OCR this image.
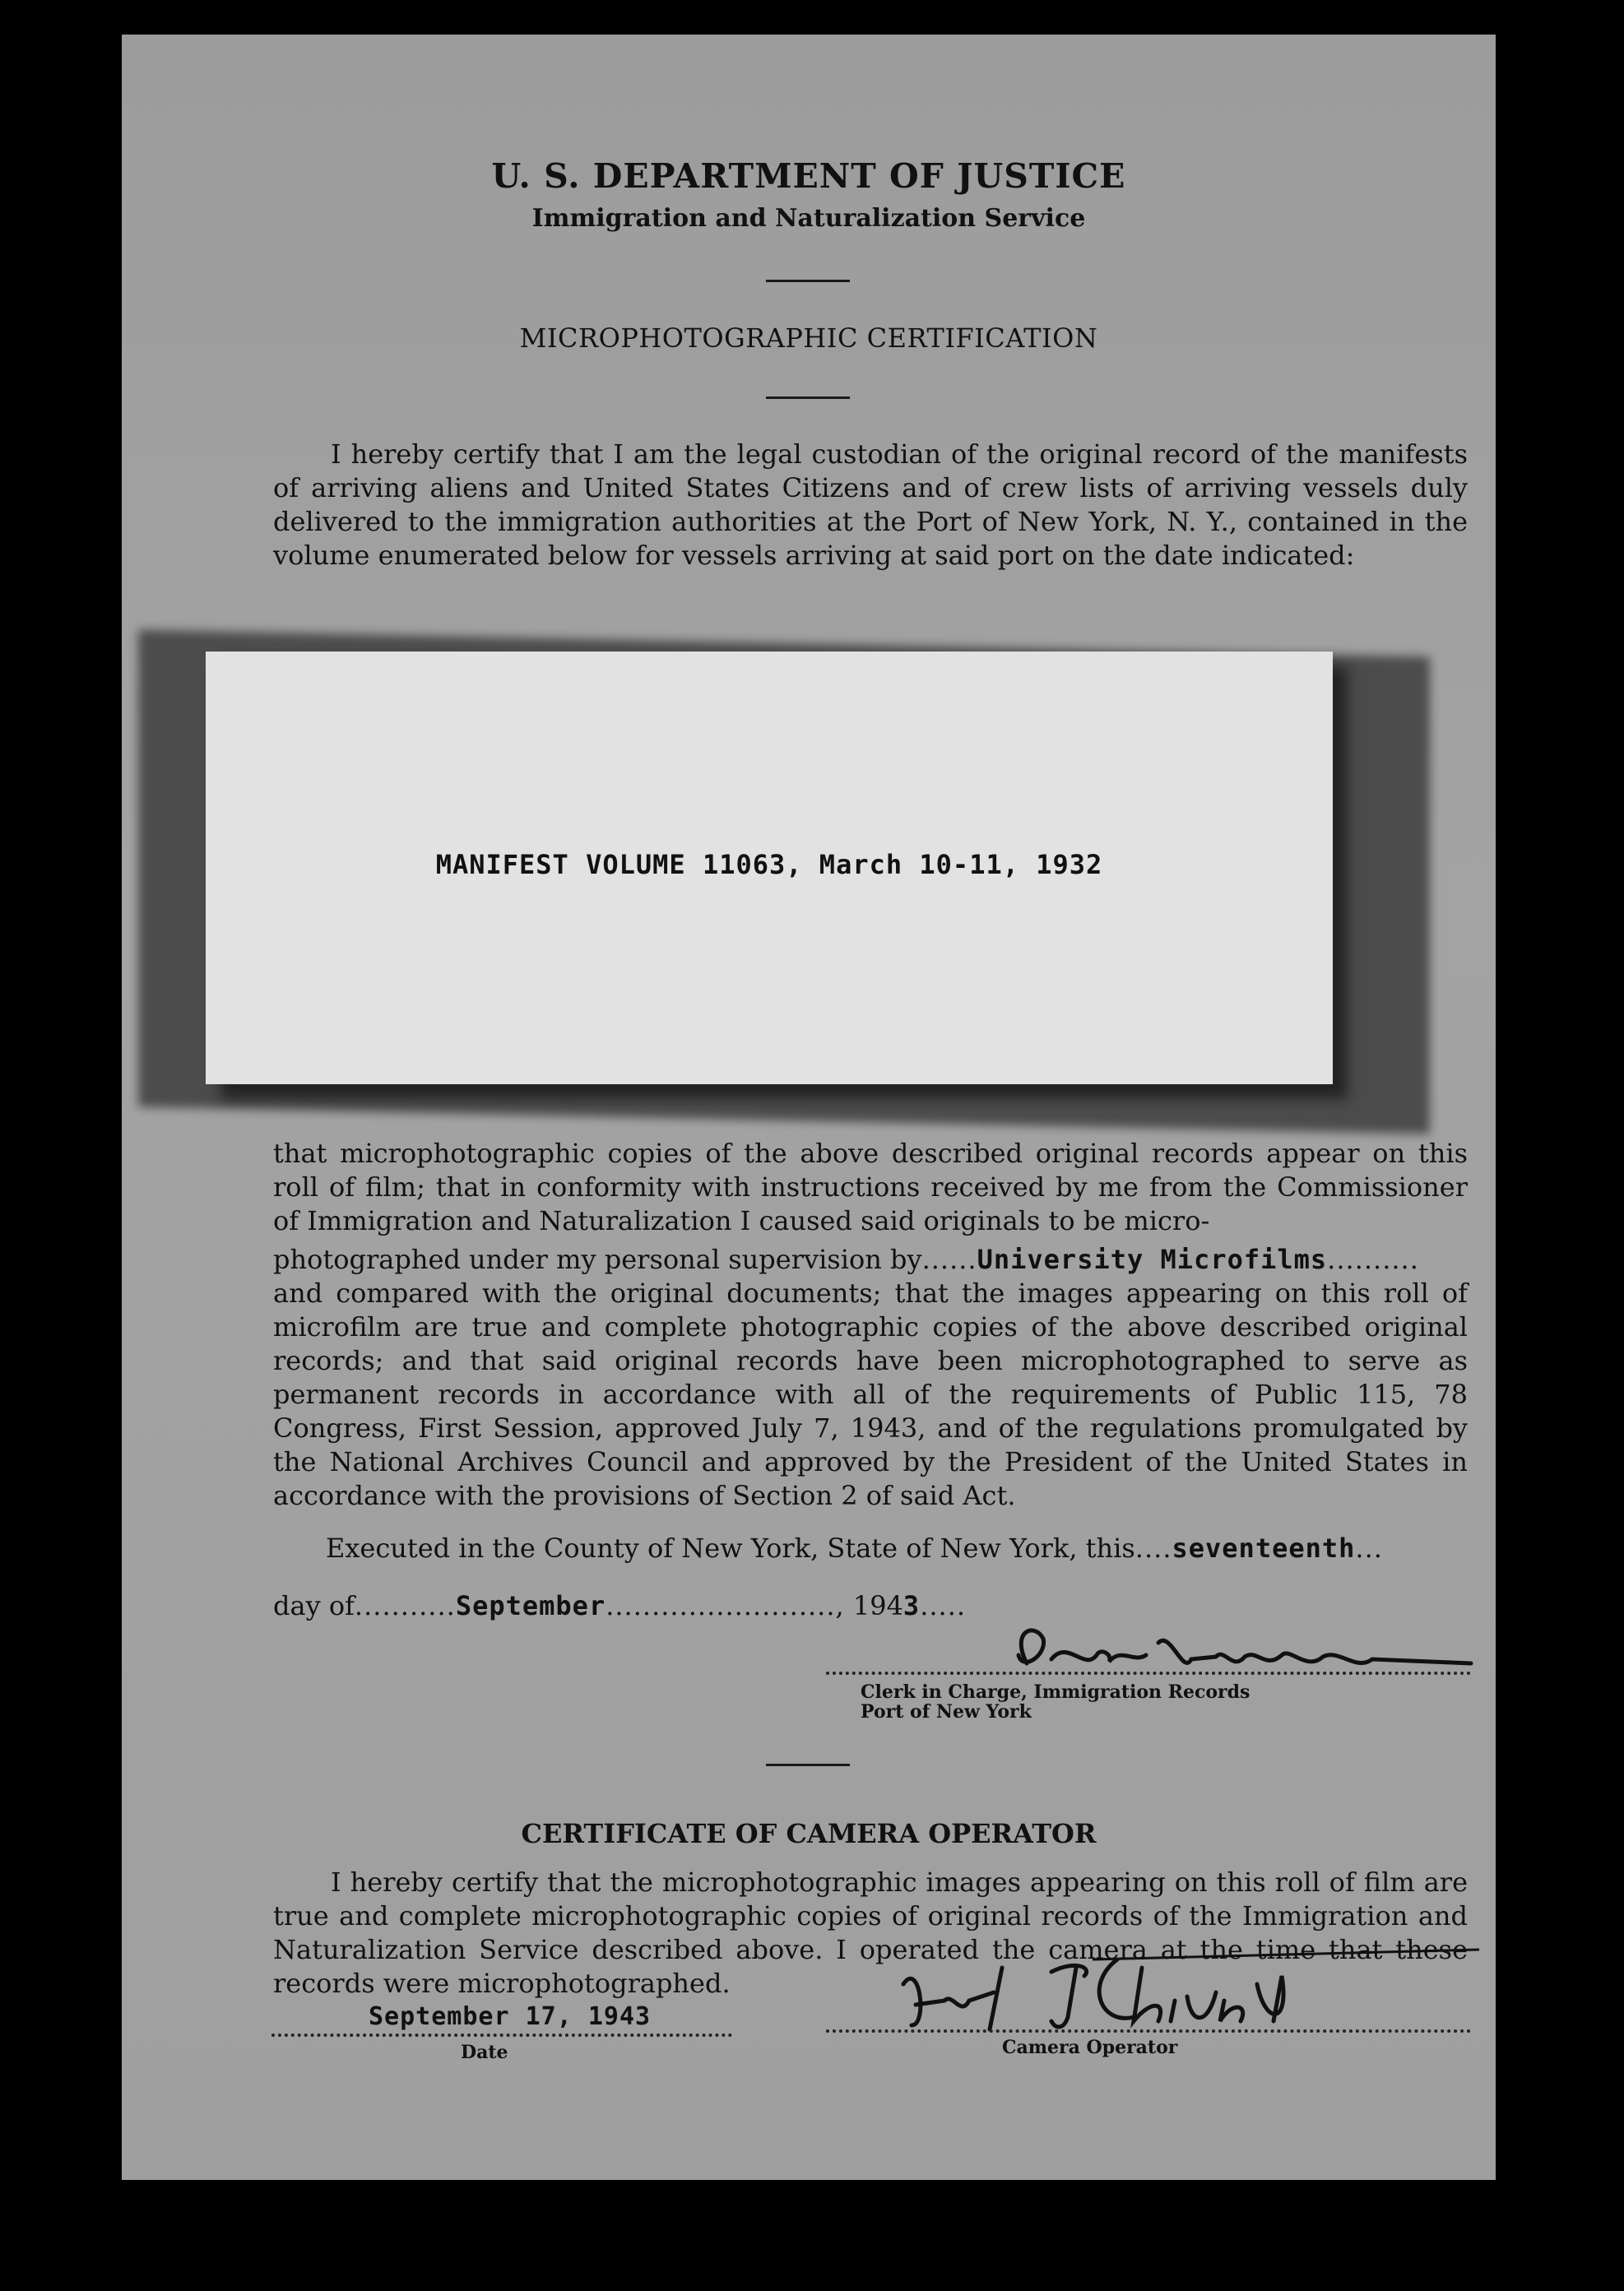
U. S. DEPARTMENT OF JUSTICE
Immigration and Naturalization Service
MICROPHOTOGRAPHIC CERTIFICATION
I hereby certify that I am the legal custodian of the original record of the manifests of arriving aliens and United States Citizens and of crew lists of arriving vessels duly delivered to the immigration authorities at the Port of New York, N. Y., contained in the volume enumerated below for vessels arriving at said port on the date indicated:
MANIFEST VOLUME 11063, March 10-11, 1932

that microphotographic copies of the above described original records appear on this roll of film; that in conformity with instructions received by me from the Commissioner of Immigration and Naturalization I caused said originals to be micro-

photographed under my personal supervision by......University Microfilms..........

and compared with the original documents; that the images appearing on this roll of microfilm are true and complete photographic copies of the above described original records; and that said original records have been microphotographed to serve as permanent records in accordance with all of the requirements of Public 115, 78 Congress, First Session, approved July 7, 1943, and of the regulations promulgated by the National Archives Council and approved by the President of the United States in accordance with the provisions of Section 2 of said Act.

Executed in the County of New York, State of New York, this....seventeenth...
day of...........September........................., 1943.....
Clerk in Charge, Immigration Records
Port of New York
CERTIFICATE OF CAMERA OPERATOR
I hereby certify that the microphotographic images appearing on this roll of film are true and complete microphotographic copies of original records of the Immigration and Naturalization Service described above. I operated the camera at the time that these records were microphotographed.
September 17, 1943
Date	Camera Operator
